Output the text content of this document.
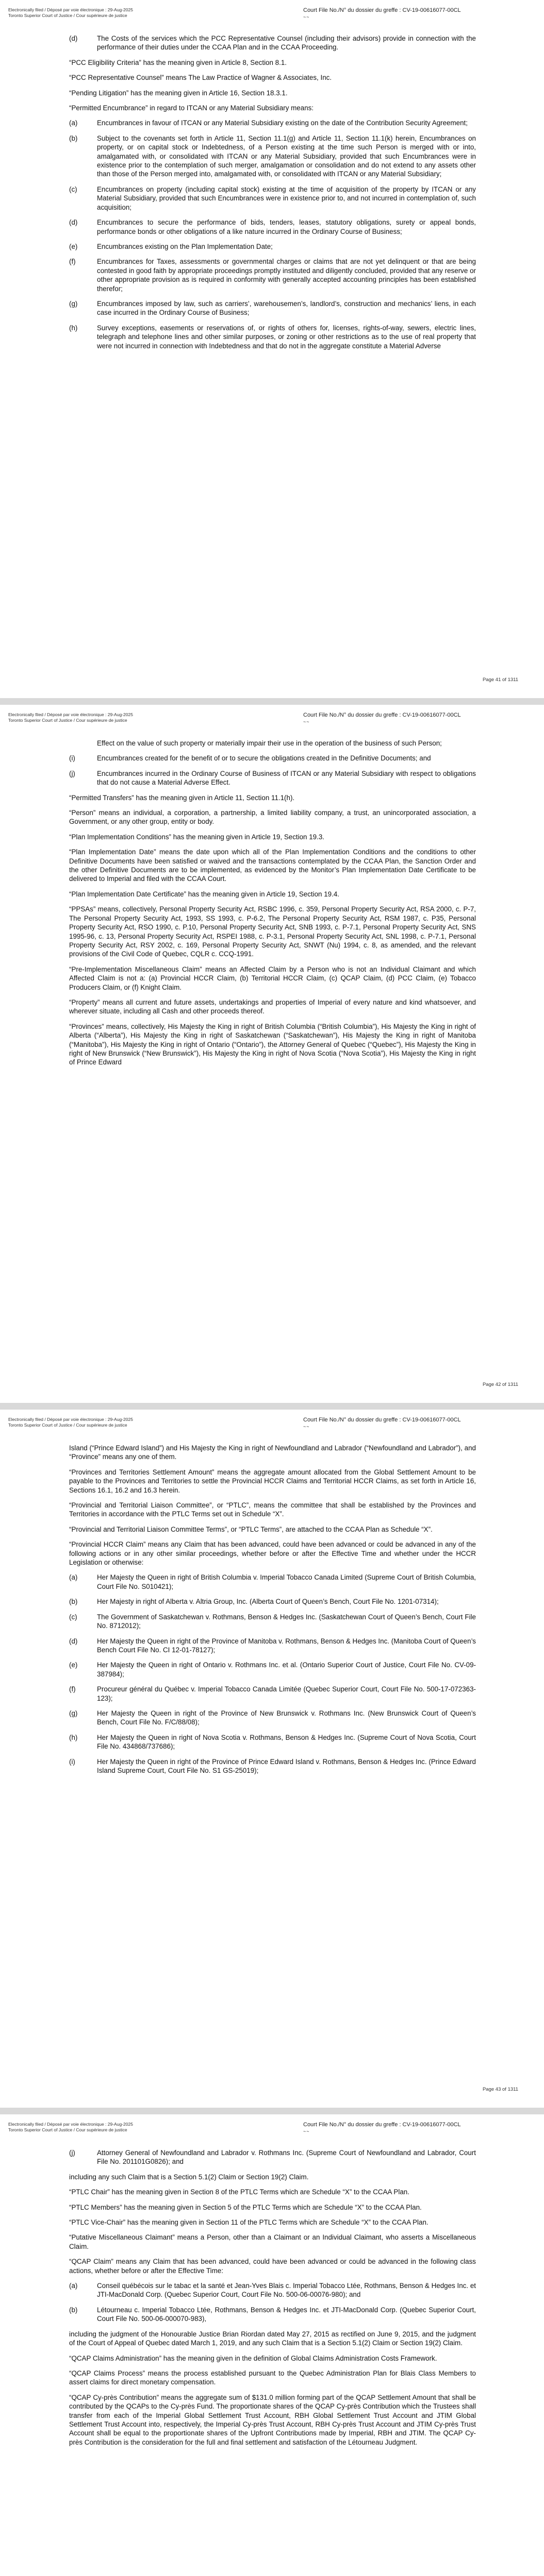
Electronically filed / Déposé par voie électronique : 29-Aug-2025
Toronto Superior Court of Justice / Cour supérieure de justice
Court File No./N° du dossier du greffe : CV-19-00616077-00CL
~~
(d)	The Costs of the services which the PCC Representative Counsel (including their advisors) provide in connection with the performance of their duties under the CCAA Plan and in the CCAA Proceeding.

“PCC Eligibility Criteria” has the meaning given in Article 8, Section 8.1.

“PCC Representative Counsel” means The Law Practice of Wagner & Associates, Inc.

“Pending Litigation” has the meaning given in Article 16, Section 18.3.1.

“Permitted Encumbrance” in regard to ITCAN or any Material Subsidiary means:

(a)	Encumbrances in favour of ITCAN or any Material Subsidiary existing on the date of the Contribution Security Agreement;
(b)	Subject to the covenants set forth in Article 11, Section 11.1(g) and Article 11, Section 11.1(k) herein, Encumbrances on property, or on capital stock or Indebtedness, of a Person existing at the time such Person is merged with or into, amalgamated with, or consolidated with ITCAN or any Material Subsidiary, provided that such Encumbrances were in existence prior to the contemplation of such merger, amalgamation or consolidation and do not extend to any assets other than those of the Person merged into, amalgamated with, or consolidated with ITCAN or any Material Subsidiary;
(c)	Encumbrances on property (including capital stock) existing at the time of acquisition of the property by ITCAN or any Material Subsidiary, provided that such Encumbrances were in existence prior to, and not incurred in contemplation of, such acquisition;
(d)	Encumbrances to secure the performance of bids, tenders, leases, statutory obligations, surety or appeal bonds, performance bonds or other obligations of a like nature incurred in the Ordinary Course of Business;
(e)	Encumbrances existing on the Plan Implementation Date;
(f)	Encumbrances for Taxes, assessments or governmental charges or claims that are not yet delinquent or that are being contested in good faith by appropriate proceedings promptly instituted and diligently concluded, provided that any reserve or other appropriate provision as is required in conformity with generally accepted accounting principles has been established therefor;
(g)	Encumbrances imposed by law, such as carriers’, warehousemen’s, landlord’s, construction and mechanics’ liens, in each case incurred in the Ordinary Course of Business;
(h)	Survey exceptions, easements or reservations of, or rights of others for, licenses, rights-of-way, sewers, electric lines, telegraph and telephone lines and other similar purposes, or zoning or other restrictions as to the use of real property that were not incurred in connection with Indebtedness and that do not in the aggregate constitute a Material Adverse
Page 41 of 1311
Electronically filed / Déposé par voie électronique : 29-Aug-2025
Toronto Superior Court of Justice / Cour supérieure de justice
Court File No./N° du dossier du greffe : CV-19-00616077-00CL
~~
Effect on the value of such property or materially impair their use in the operation of the business of such Person;
(i)	Encumbrances created for the benefit of or to secure the obligations created in the Definitive Documents; and
(j)	Encumbrances incurred in the Ordinary Course of Business of ITCAN or any Material Subsidiary with respect to obligations that do not cause a Material Adverse Effect.

“Permitted Transfers” has the meaning given in Article 11, Section 11.1(h).

“Person” means an individual, a corporation, a partnership, a limited liability company, a trust, an unincorporated association, a Government, or any other group, entity or body.

“Plan Implementation Conditions” has the meaning given in Article 19, Section 19.3.

“Plan Implementation Date” means the date upon which all of the Plan Implementation Conditions and the conditions to other Definitive Documents have been satisfied or waived and the transactions contemplated by the CCAA Plan, the Sanction Order and the other Definitive Documents are to be implemented, as evidenced by the Monitor’s Plan Implementation Date Certificate to be delivered to Imperial and filed with the CCAA Court.

“Plan Implementation Date Certificate” has the meaning given in Article 19, Section 19.4.

“PPSAs” means, collectively, Personal Property Security Act, RSBC 1996, c. 359, Personal Property Security Act, RSA 2000, c. P-7, The Personal Property Security Act, 1993, SS 1993, c. P-6.2, The Personal Property Security Act, RSM 1987, c. P35, Personal Property Security Act, RSO 1990, c. P.10, Personal Property Security Act, SNB 1993, c. P-7.1, Personal Property Security Act, SNS 1995-96, c. 13, Personal Property Security Act, RSPEI 1988, c. P-3.1, Personal Property Security Act, SNL 1998, c. P-7.1, Personal Property Security Act, RSY 2002, c. 169, Personal Property Security Act, SNWT (Nu) 1994, c. 8, as amended, and the relevant provisions of the Civil Code of Quebec, CQLR c. CCQ-1991.

“Pre-Implementation Miscellaneous Claim” means an Affected Claim by a Person who is not an Individual Claimant and which Affected Claim is not a: (a) Provincial HCCR Claim, (b) Territorial HCCR Claim, (c) QCAP Claim, (d) PCC Claim, (e) Tobacco Producers Claim, or (f) Knight Claim.

“Property” means all current and future assets, undertakings and properties of Imperial of every nature and kind whatsoever, and wherever situate, including all Cash and other proceeds thereof.

“Provinces” means, collectively, His Majesty the King in right of British Columbia (“British Columbia”), His Majesty the King in right of Alberta (“Alberta”), His Majesty the King in right of Saskatchewan (“Saskatchewan”), His Majesty the King in right of Manitoba (“Manitoba”), His Majesty the King in right of Ontario (“Ontario”), the Attorney General of Quebec (“Quebec”), His Majesty the King in right of New Brunswick (“New Brunswick”), His Majesty the King in right of Nova Scotia (“Nova Scotia”), His Majesty the King in right of Prince Edward

Page 42 of 1311
Electronically filed / Déposé par voie électronique : 29-Aug-2025
Toronto Superior Court of Justice / Cour supérieure de justice
Court File No./N° du dossier du greffe : CV-19-00616077-00CL
~~

Island (“Prince Edward Island”) and His Majesty the King in right of Newfoundland and Labrador (“Newfoundland and Labrador”), and “Province” means any one of them.

“Provinces and Territories Settlement Amount” means the aggregate amount allocated from the Global Settlement Amount to be payable to the Provinces and Territories to settle the Provincial HCCR Claims and Territorial HCCR Claims, as set forth in Article 16, Sections 16.1, 16.2 and 16.3 herein.

“Provincial and Territorial Liaison Committee”, or “PTLC”, means the committee that shall be established by the Provinces and Territories in accordance with the PTLC Terms set out in Schedule “X”.

“Provincial and Territorial Liaison Committee Terms”, or “PTLC Terms”, are attached to the CCAA Plan as Schedule “X”.

“Provincial HCCR Claim” means any Claim that has been advanced, could have been advanced or could be advanced in any of the following actions or in any other similar proceedings, whether before or after the Effective Time and whether under the HCCR Legislation or otherwise:

(a)	Her Majesty the Queen in right of British Columbia v. Imperial Tobacco Canada Limited (Supreme Court of British Columbia, Court File No. S010421);
(b)	Her Majesty in right of Alberta v. Altria Group, Inc. (Alberta Court of Queen’s Bench, Court File No. 1201-07314);
(c)	The Government of Saskatchewan v. Rothmans, Benson & Hedges Inc. (Saskatchewan Court of Queen’s Bench, Court File No. 8712012);
(d)	Her Majesty the Queen in right of the Province of Manitoba v. Rothmans, Benson & Hedges Inc. (Manitoba Court of Queen’s Bench Court File No. CI 12-01-78127);
(e)	Her Majesty the Queen in right of Ontario v. Rothmans Inc. et al. (Ontario Superior Court of Justice, Court File No. CV-09-387984);
(f)	Procureur général du Québec v. Imperial Tobacco Canada Limitée (Quebec Superior Court, Court File No. 500-17-072363-123);
(g)	Her Majesty the Queen in right of the Province of New Brunswick v. Rothmans Inc. (New Brunswick Court of Queen’s Bench, Court File No. F/C/88/08);
(h)	Her Majesty the Queen in right of Nova Scotia v. Rothmans, Benson & Hedges Inc. (Supreme Court of Nova Scotia, Court File No. 434868/737686);
(i)	Her Majesty the Queen in right of the Province of Prince Edward Island v. Rothmans, Benson & Hedges Inc. (Prince Edward Island Supreme Court, Court File No. S1 GS-25019);
Page 43 of 1311
Electronically filed / Déposé par voie électronique : 29-Aug-2025
Toronto Superior Court of Justice / Cour supérieure de justice
Court File No./N° du dossier du greffe : CV-19-00616077-00CL
~~
(j)	Attorney General of Newfoundland and Labrador v. Rothmans Inc. (Supreme Court of Newfoundland and Labrador, Court File No. 201101G0826); and

including any such Claim that is a Section 5.1(2) Claim or Section 19(2) Claim.

“PTLC Chair” has the meaning given in Section 8 of the PTLC Terms which are Schedule “X” to the CCAA Plan.

“PTLC Members” has the meaning given in Section 5 of the PTLC Terms which are Schedule “X” to the CCAA Plan.

“PTLC Vice-Chair” has the meaning given in Section 11 of the PTLC Terms which are Schedule “X” to the CCAA Plan.

“Putative Miscellaneous Claimant” means a Person, other than a Claimant or an Individual Claimant, who asserts a Miscellaneous Claim.

“QCAP Claim” means any Claim that has been advanced, could have been advanced or could be advanced in the following class actions, whether before or after the Effective Time:

(a)	Conseil québécois sur le tabac et la santé et Jean-Yves Blais c. Imperial Tobacco Ltée, Rothmans, Benson & Hedges Inc. et JTI-MacDonald Corp. (Quebec Superior Court, Court File No. 500-06-00076-980); and
(b)	Létourneau c. Imperial Tobacco Ltée, Rothmans, Benson & Hedges Inc. et JTI-MacDonald Corp. (Quebec Superior Court, Court File No. 500-06-000070-983),

including the judgment of the Honourable Justice Brian Riordan dated May 27, 2015 as rectified on June 9, 2015, and the judgment of the Court of Appeal of Quebec dated March 1, 2019, and any such Claim that is a Section 5.1(2) Claim or Section 19(2) Claim.

“QCAP Claims Administration” has the meaning given in the definition of Global Claims Administration Costs Framework.

“QCAP Claims Process” means the process established pursuant to the Quebec Administration Plan for Blais Class Members to assert claims for direct monetary compensation.

“QCAP Cy-près Contribution” means the aggregate sum of $131.0 million forming part of the QCAP Settlement Amount that shall be contributed by the QCAPs to the Cy-près Fund. The proportionate shares of the QCAP Cy-près Contribution which the Trustees shall transfer from each of the Imperial Global Settlement Trust Account, RBH Global Settlement Trust Account and JTIM Global Settlement Trust Account into, respectively, the Imperial Cy-près Trust Account, RBH Cy-près Trust Account and JTIM Cy-près Trust Account shall be equal to the proportionate shares of the Upfront Contributions made by Imperial, RBH and JTIM. The QCAP Cy-près Contribution is the consideration for the full and final settlement and satisfaction of the Létourneau Judgment.
